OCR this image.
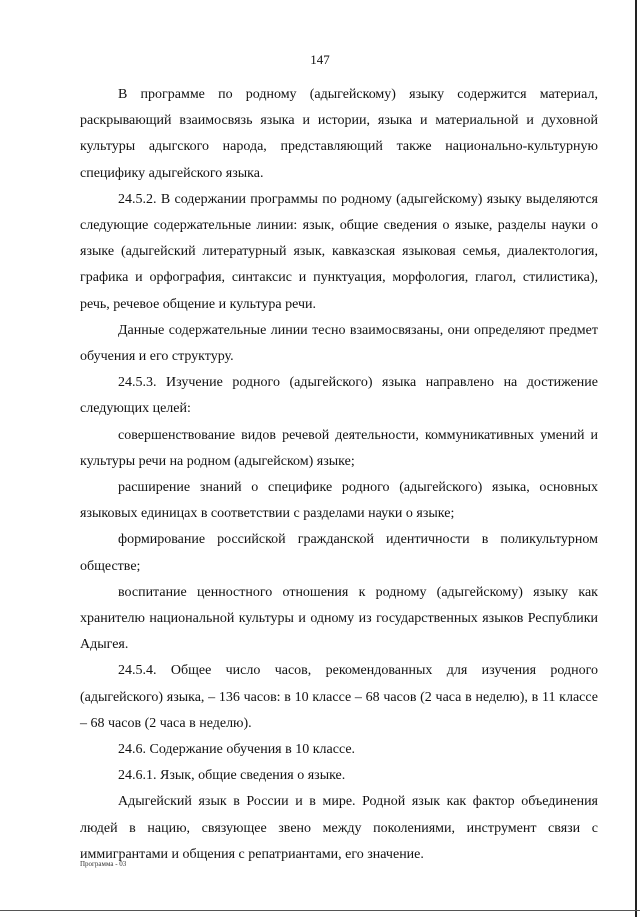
147

В программе по родному (адыгейскому) языку содержится материал, раскрывающий взаимосвязь языка и истории, языка и материальной и духовной культуры адыгского народа, представляющий также национально-культурную специфику адыгейского языка.

24.5.2. В содержании программы по родному (адыгейскому) языку выделяются следующие содержательные линии: язык, общие сведения о языке, разделы науки о языке (адыгейский литературный язык, кавказская языковая семья, диалектология, графика и орфография, синтаксис и пунктуация, морфология, глагол, стилистика), речь, речевое общение и культура речи.

Данные содержательные линии тесно взаимосвязаны, они определяют предмет обучения и его структуру.

24.5.3. Изучение родного (адыгейского) языка направлено на достижение следующих целей:

совершенствование видов речевой деятельности, коммуникативных умений и культуры речи на родном (адыгейском) языке;

расширение знаний о специфике родного (адыгейского) языка, основных языковых единицах в соответствии с разделами науки о языке;

формирование российской гражданской идентичности в поликультурном обществе;

воспитание ценностного отношения к родному (адыгейскому) языку как хранителю национальной культуры и одному из государственных языков Республики Адыгея.

24.5.4. Общее число часов, рекомендованных для изучения родного (адыгейского) языка, – 136 часов: в 10 классе – 68 часов (2 часа в неделю), в 11 классе – 68 часов (2 часа в неделю).

24.6. Содержание обучения в 10 классе.

24.6.1. Язык, общие сведения о языке.

Адыгейский язык в России и в мире. Родной язык как фактор объединения людей в нацию, связующее звено между поколениями, инструмент связи с иммигрантами и общения с репатриантами, его значение.

Программа - 03
